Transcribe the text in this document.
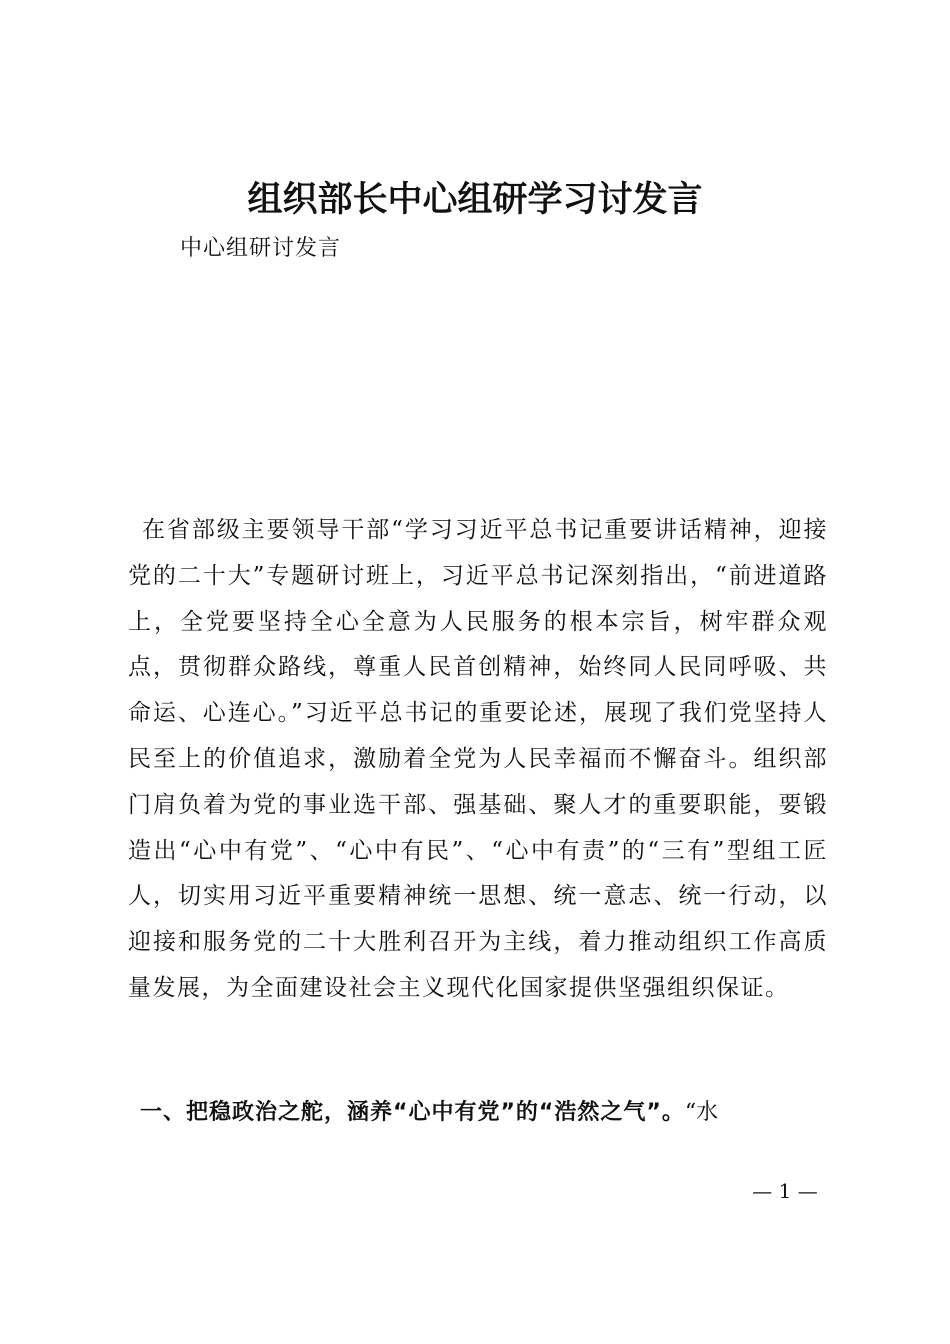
组织部长中心组研学习讨发言
中心组研讨发言
在省部级主要领导干部“学习习近平总书记重要讲话精神，迎接党的二十大”专题研讨班上，习近平总书记深刻指出，“前进道路上，全党要坚持全心全意为人民服务的根本宗旨，树牢群众观点，贯彻群众路线，尊重人民首创精神，始终同人民同呼吸、共命运、心连心。”习近平总书记的重要论述，展现了我们党坚持人民至上的价值追求，激励着全党为人民幸福而不懈奋斗。组织部门肩负着为党的事业选干部、强基础、聚人才的重要职能，要锻造出“心中有党”、“心中有民”、“心中有责”的“三有”型组工匠人，切实用习近平重要精神统一思想、统一意志、统一行动，以迎接和服务党的二十大胜利召开为主线，着力推动组织工作高质量发展，为全面建设社会主义现代化国家提供坚强组织保证。
一、把稳政治之舵，涵养“心中有党”的“浩然之气”。“水
— 1 —
